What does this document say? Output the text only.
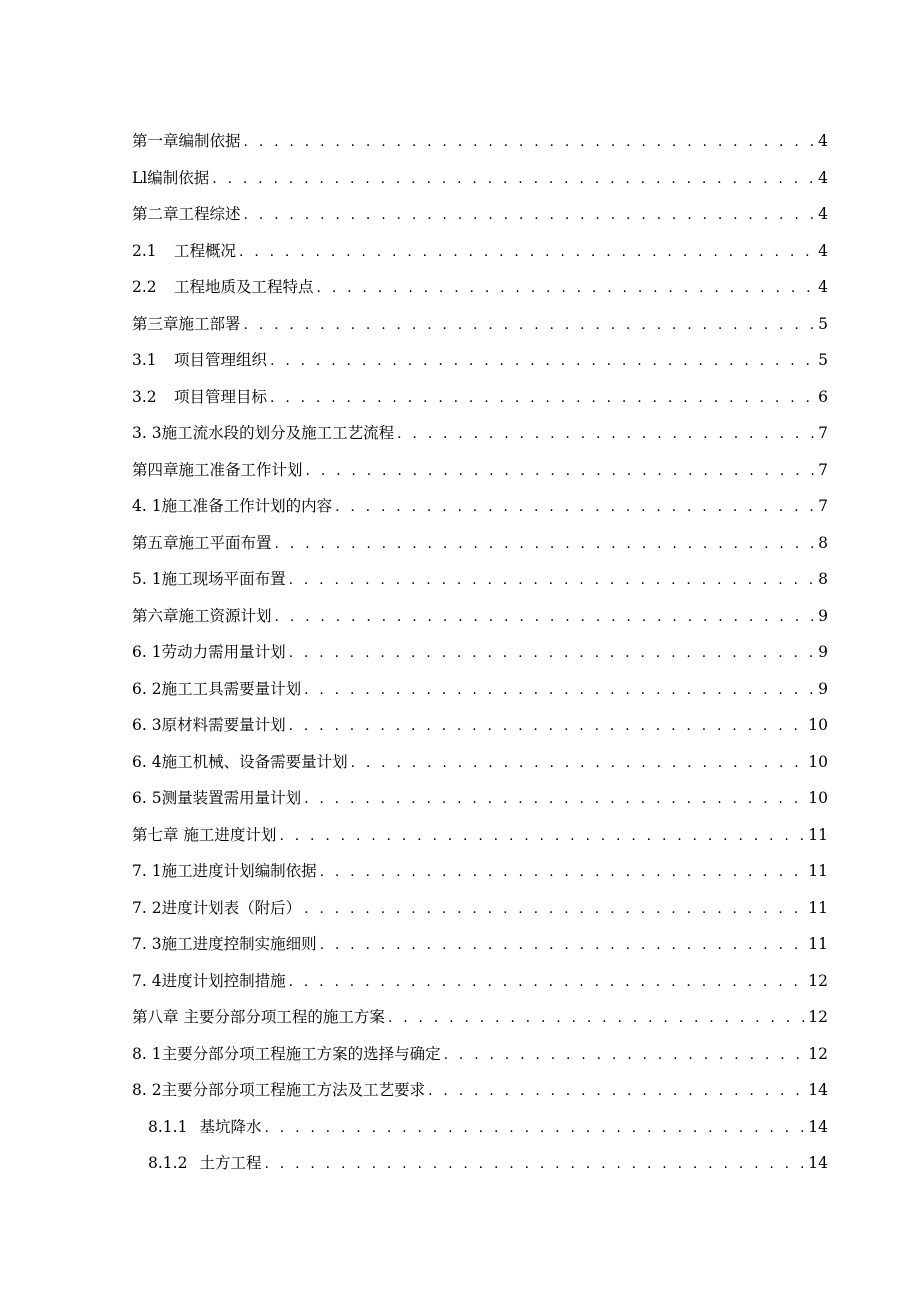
第一章编制依据 . . .	4
Ll编制依据 . . .	4
第二章工程综述 . . .	4
2.1 工程概况 . . .	4
2.2 工程地质及工程特点 . . .	4
第三章施工部署 . . .	5
3.1 项目管理组织 . . .	5
3.2 项目管理目标 . . .	6
3. 3施工流水段的划分及施工工艺流程 . . .	7
第四章施工准备工作计划 . . .	7
4. 1施工准备工作计划的内容 . . .	7
第五章施工平面布置 . . .	8
5. 1施工现场平面布置 . . .	8
第六章施工资源计划 . . .	9
6. 1劳动力需用量计划 . . .	9
6. 2施工工具需要量计划 . . .	9
6. 3原材料需要量计划 . . .	10
6. 4施工机械、设备需要量计划 . . .	10
6. 5测量装置需用量计划 . . .	10
第七章 施工进度计划 . . .	11
7. 1施工进度计划编制依据 . . .	11
7. 2进度计划表（附后） . . .	11
7. 3施工进度控制实施细则 . . .	11
7. 4进度计划控制措施 . . .	12
第八章 主要分部分项工程的施工方案 . . .	12
8. 1主要分部分项工程施工方案的选择与确定 . . .	12
8. 2主要分部分项工程施工方法及工艺要求 . . .	14
8.1.1 基坑降水 . . .	14
8.1.2 土方工程 . . .	14
